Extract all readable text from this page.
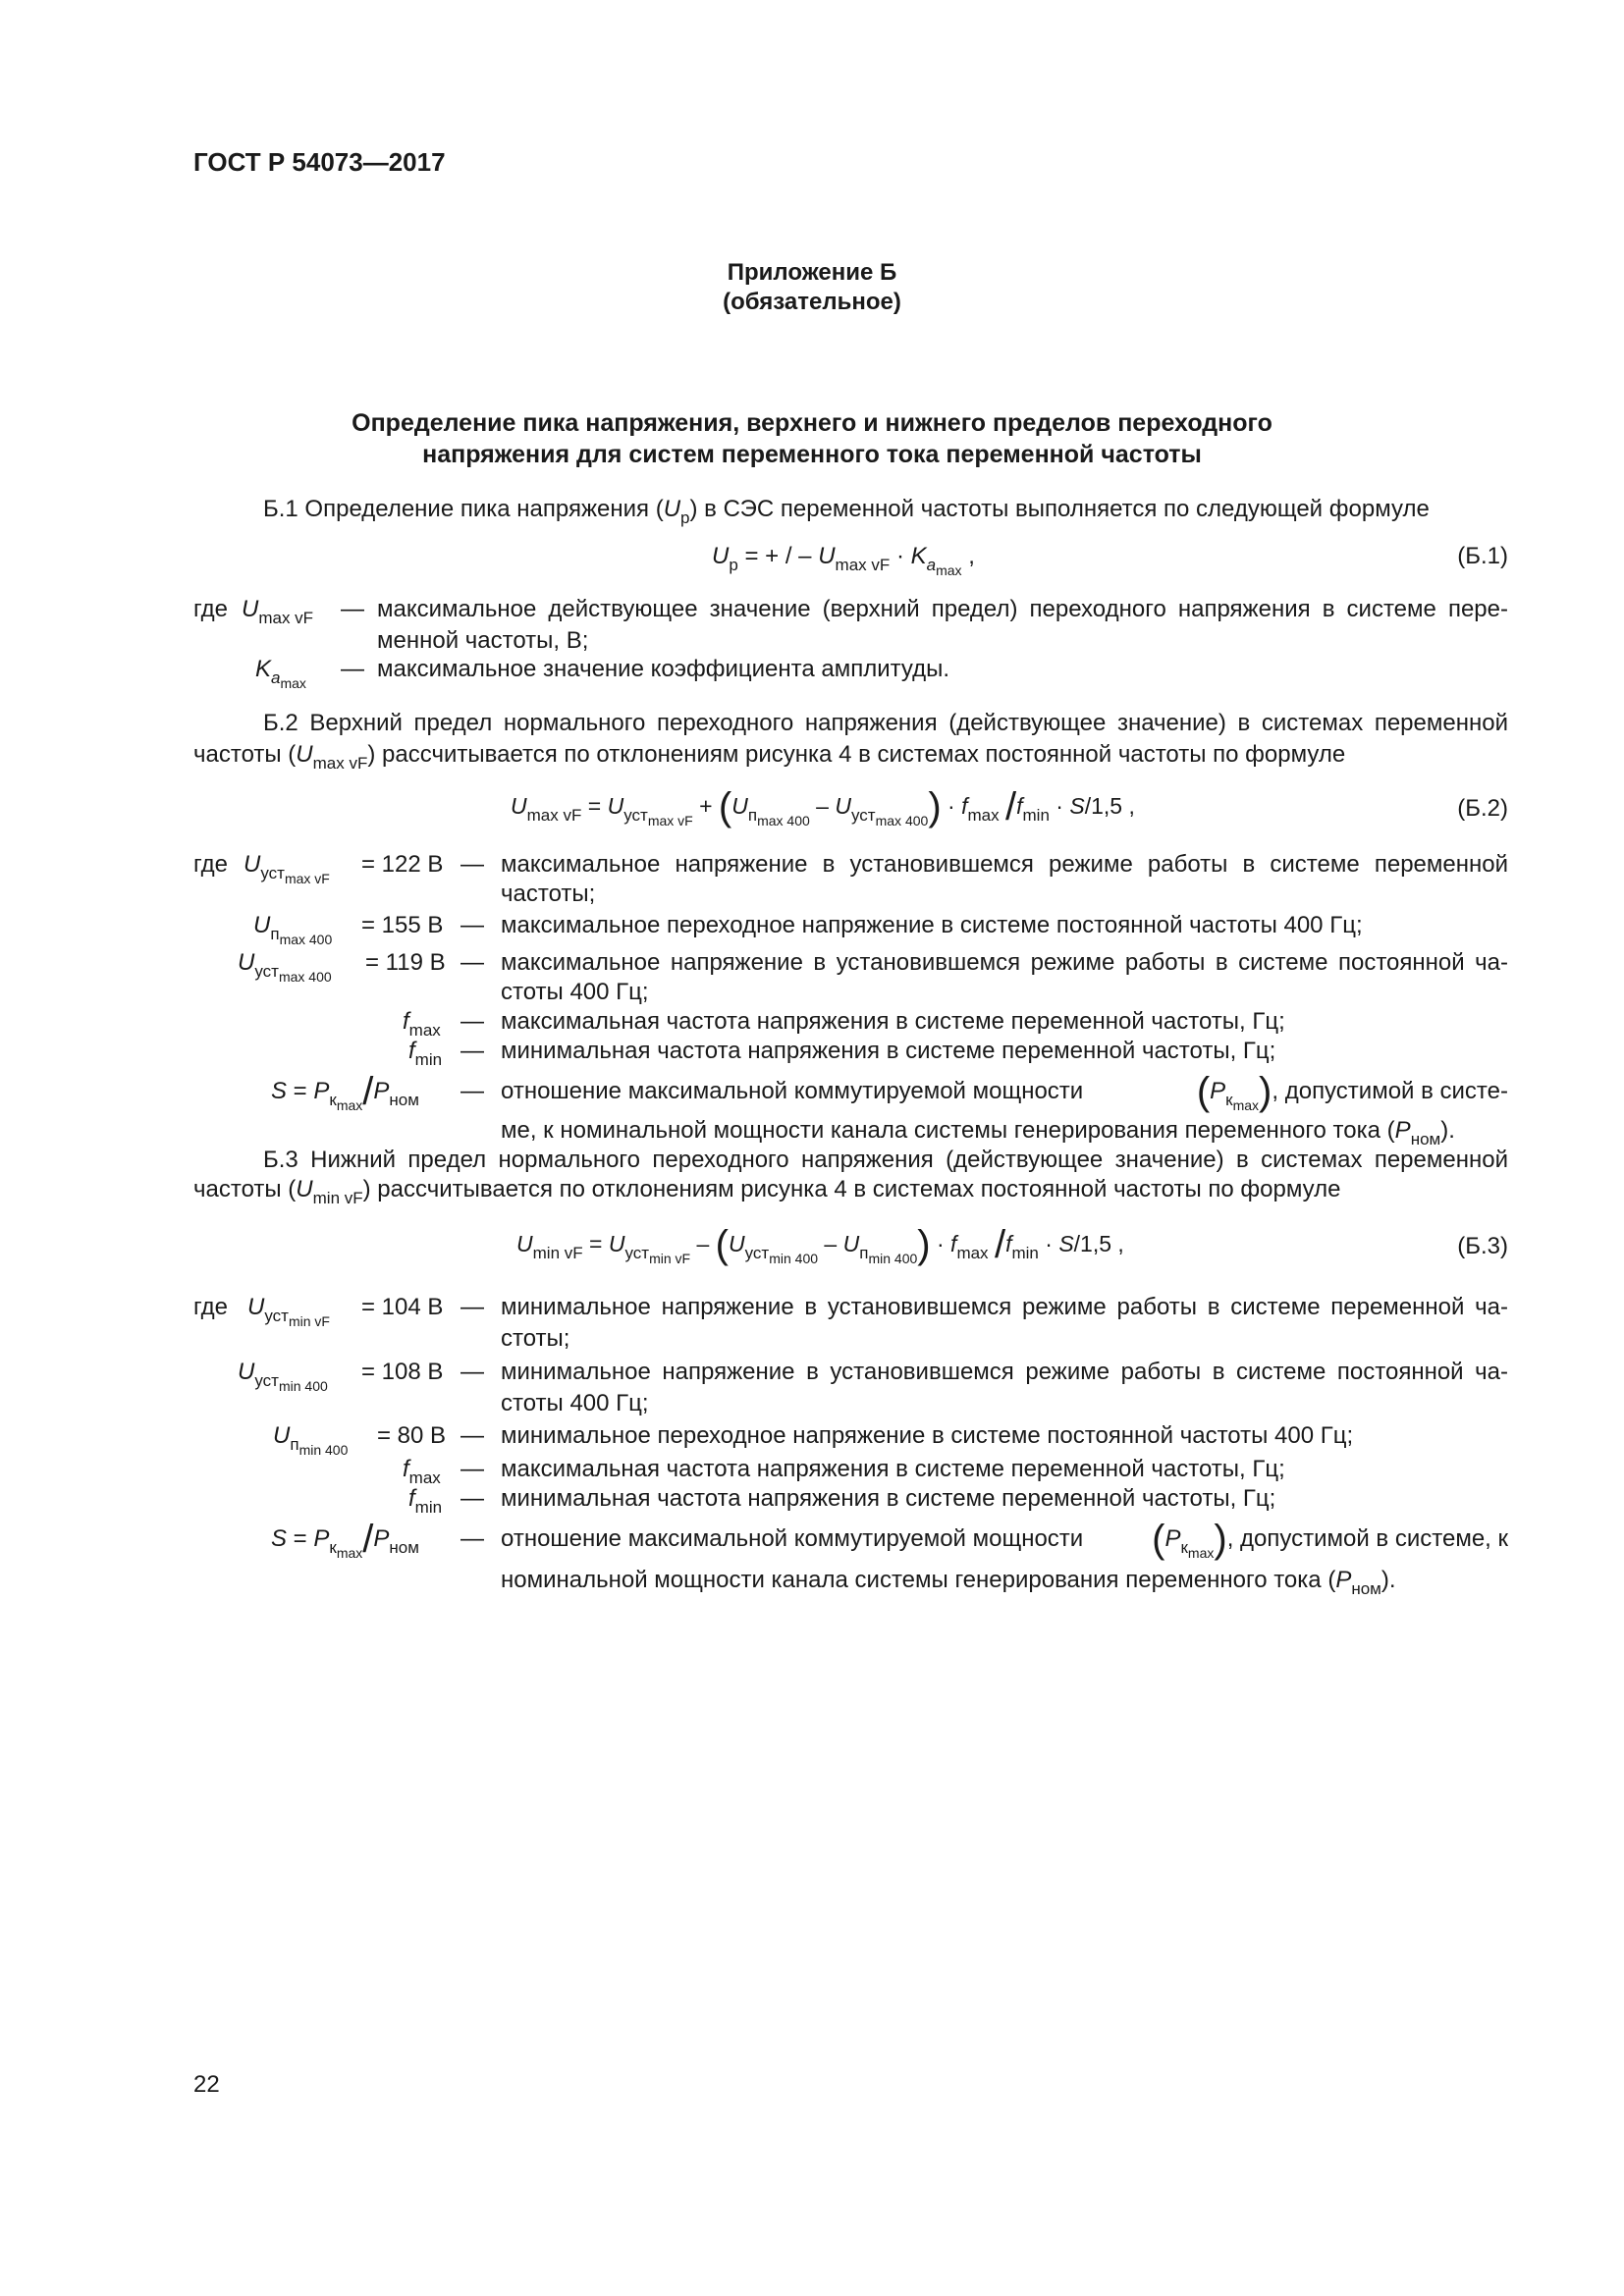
ГОСТ Р 54073—2017
Приложение Б
(обязательное)
Определение пика напряжения, верхнего и нижнего пределов переходного
напряжения для систем переменного тока переменной частоты
Б.1 Определение пика напряжения $(U_p)$ в СЭС переменной частоты выполняется по следующей формуле
$U_p$ = + / – $U_{max vF} \cdot K_{a_{max}}$ ,	(Б.1)
где $U_{max vF}$ — максимальное действующее значение (верхний предел) переходного напряжения в системе пере-
менной частоты, В;
$K_{a_{max}}$
— максимальное значение коэффициента амплитуды.
Б.2 Верхний предел нормального переходного напряжения (действующее значение) в системах переменной
частоты $(U_{max vF})$ рассчитывается по отклонениям рисунка 4 в системах постоянной частоты по формуле
$U_{max vF} = U_{уст_{max vF}} + (U_{п_{max 400}} - U_{уст_{max 400}}) \cdot f_{max}$ $/f_{min} \cdot S/1,5$ ,	(Б.2)
где $U_{уст_{max vF}}$
= 122 В — максимальное напряжение в установившемся режиме работы в системе переменной
частоты;
$U_{п_{max 400}}$
= 155 В — максимальное переходное напряжение в системе постоянной частоты 400 Гц;
$U_{уст_{max 400}}$
= 119 В — максимальное напряжение в установившемся режиме работы в системе постоянной ча-
стоты 400 Гц;
$f_{max}$ — максимальная частота напряжения в системе переменной частоты, Гц;
$f_{min}$ — минимальная частота напряжения в системе переменной частоты, Гц;
$S = P_{к_{max}}/P_{ном}$ — отношение максимальной коммутируемой мощности	$(P_{к_{max}})$, допустимой в систе-
ме, к номинальной мощности канала системы генерирования переменного тока $(P_{ном})$.
Б.3 Нижний предел нормального переходного напряжения (действующее значение) в системах переменной
частоты $(U_{min vF})$ рассчитывается по отклонениям рисунка 4 в системах постоянной частоты по формуле
$U_{min vF} = U_{уст_{min vF}} - (U_{уст_{min 400}} - U_{п_{min 400}}) \cdot f_{max}$ $/f_{min} \cdot S/1,5$ ,	(Б.3)
где $U_{уст_{min vF}}$
= 104 В — минимальное напряжение в установившемся режиме работы в системе переменной ча-
стоты;
$U_{уст_{min 400}}$
= 108 В — минимальное напряжение в установившемся режиме работы в системе постоянной ча-
стоты 400 Гц;
$U_{п_{min 400}}$
= 80 В — минимальное переходное напряжение в системе постоянной частоты 400 Гц;
$f_{max}$ — максимальная частота напряжения в системе переменной частоты, Гц;
$f_{min}$ — минимальная частота напряжения в системе переменной частоты, Гц;
$S = P_{к_{max}}/P_{ном}$ — отношение максимальной коммутируемой мощности $(P_{к_{max}})$, допустимой в системе, к
номинальной мощности канала системы генерирования переменного тока $(P_{ном})$.
22
